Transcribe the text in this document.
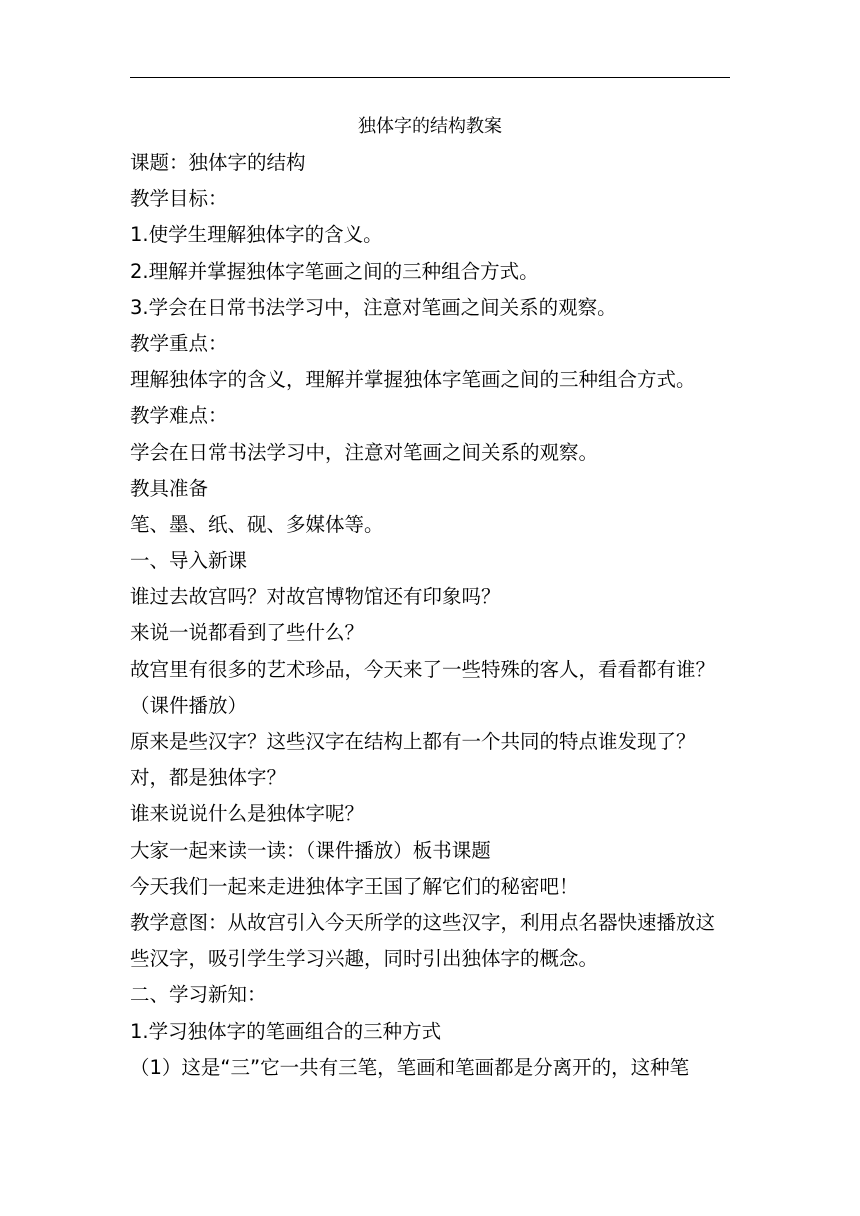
独体字的结构教案
课题：独体字的结构
教学目标：
1.使学生理解独体字的含义。
2.理解并掌握独体字笔画之间的三种组合方式。
3.学会在日常书法学习中，注意对笔画之间关系的观察。
教学重点：
理解独体字的含义，理解并掌握独体字笔画之间的三种组合方式。
教学难点：
学会在日常书法学习中，注意对笔画之间关系的观察。
教具准备
笔、墨、纸、砚、多媒体等。
一、导入新课
谁过去故宫吗？对故宫博物馆还有印象吗？
来说一说都看到了些什么？
故宫里有很多的艺术珍品，今天来了一些特殊的客人，看看都有谁？
（课件播放）
原来是些汉字？这些汉字在结构上都有一个共同的特点谁发现了？
对，都是独体字？
谁来说说什么是独体字呢？
大家一起来读一读：（课件播放）板书课题
今天我们一起来走进独体字王国了解它们的秘密吧！
教学意图：从故宫引入今天所学的这些汉字，利用点名器快速播放这
些汉字，吸引学生学习兴趣，同时引出独体字的概念。
二、学习新知：
1.学习独体字的笔画组合的三种方式
（1）这是“三”它一共有三笔，笔画和笔画都是分离开的，这种笔
